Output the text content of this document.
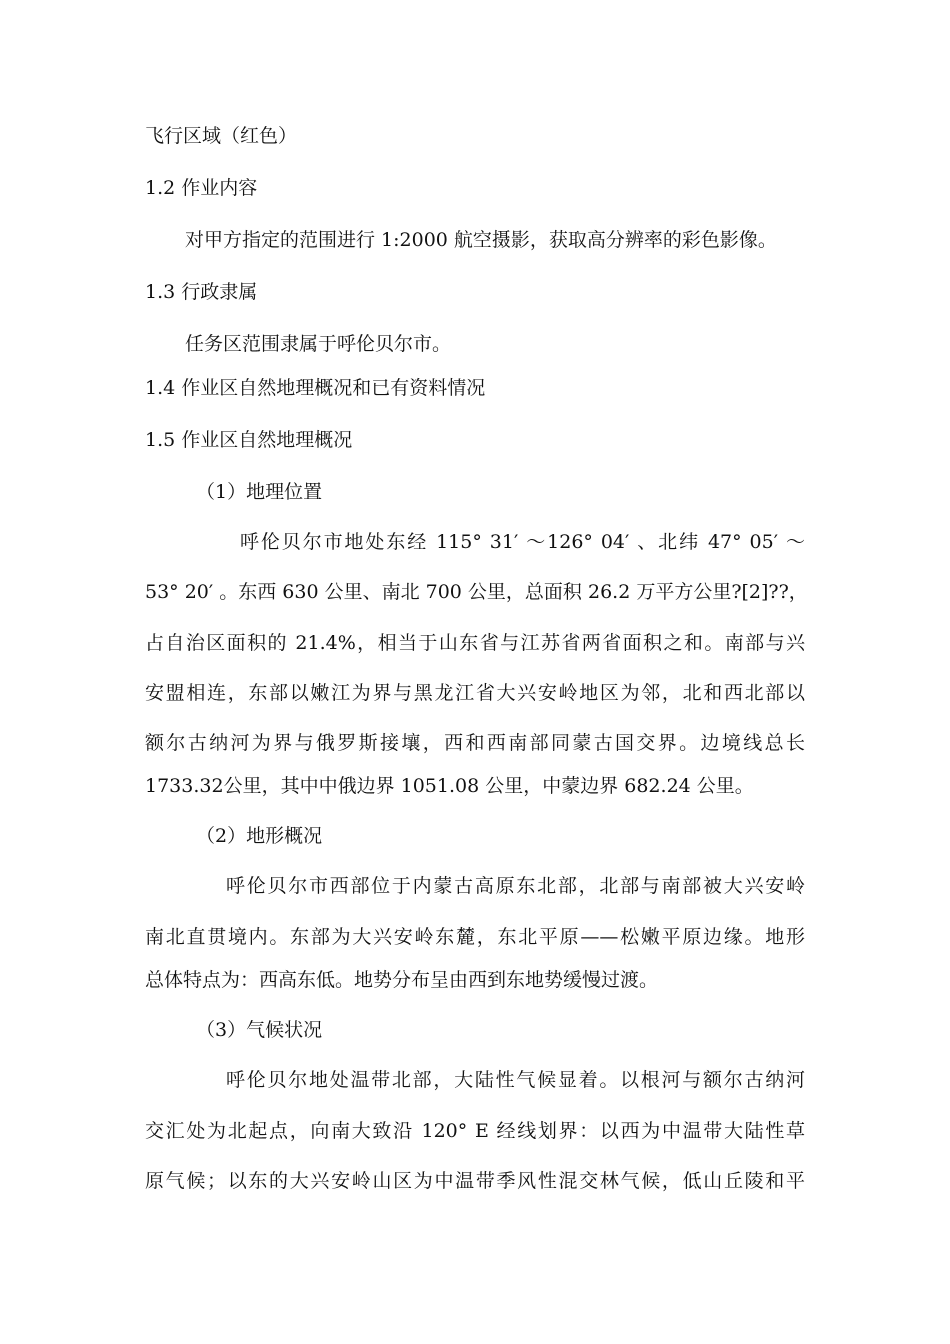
飞行区域（红色）
1.2 作业内容
对甲方指定的范围进行 1:2000 航空摄影，获取高分辨率的彩色影像。
1.3 行政隶属
任务区范围隶属于呼伦贝尔市。
1.4 作业区自然地理概况和已有资料情况
1.5 作业区自然地理概况
（1）地理位置
呼伦贝尔市地处东经 115° 31′ ～126° 04′ 、北纬 47° 05′ ～
53° 20′ 。东西 630 公里、南北 700 公里，总面积 26.2 万平方公里?[2]??，
占自治区面积的 21.4%，相当于山东省与江苏省两省面积之和。南部与兴
安盟相连，东部以嫩江为界与黑龙江省大兴安岭地区为邻，北和西北部以
额尔古纳河为界与俄罗斯接壤，西和西南部同蒙古国交界。边境线总长
1733.32公里，其中中俄边界 1051.08 公里，中蒙边界 682.24 公里。
（2）地形概况
呼伦贝尔市西部位于内蒙古高原东北部，北部与南部被大兴安岭
南北直贯境内。东部为大兴安岭东麓，东北平原——松嫩平原边缘。地形
总体特点为：西高东低。地势分布呈由西到东地势缓慢过渡。
（3）气候状况
呼伦贝尔地处温带北部，大陆性气候显着。以根河与额尔古纳河
交汇处为北起点，向南大致沿 120° E 经线划界：以西为中温带大陆性草
原气候；以东的大兴安岭山区为中温带季风性混交林气候，低山丘陵和平
